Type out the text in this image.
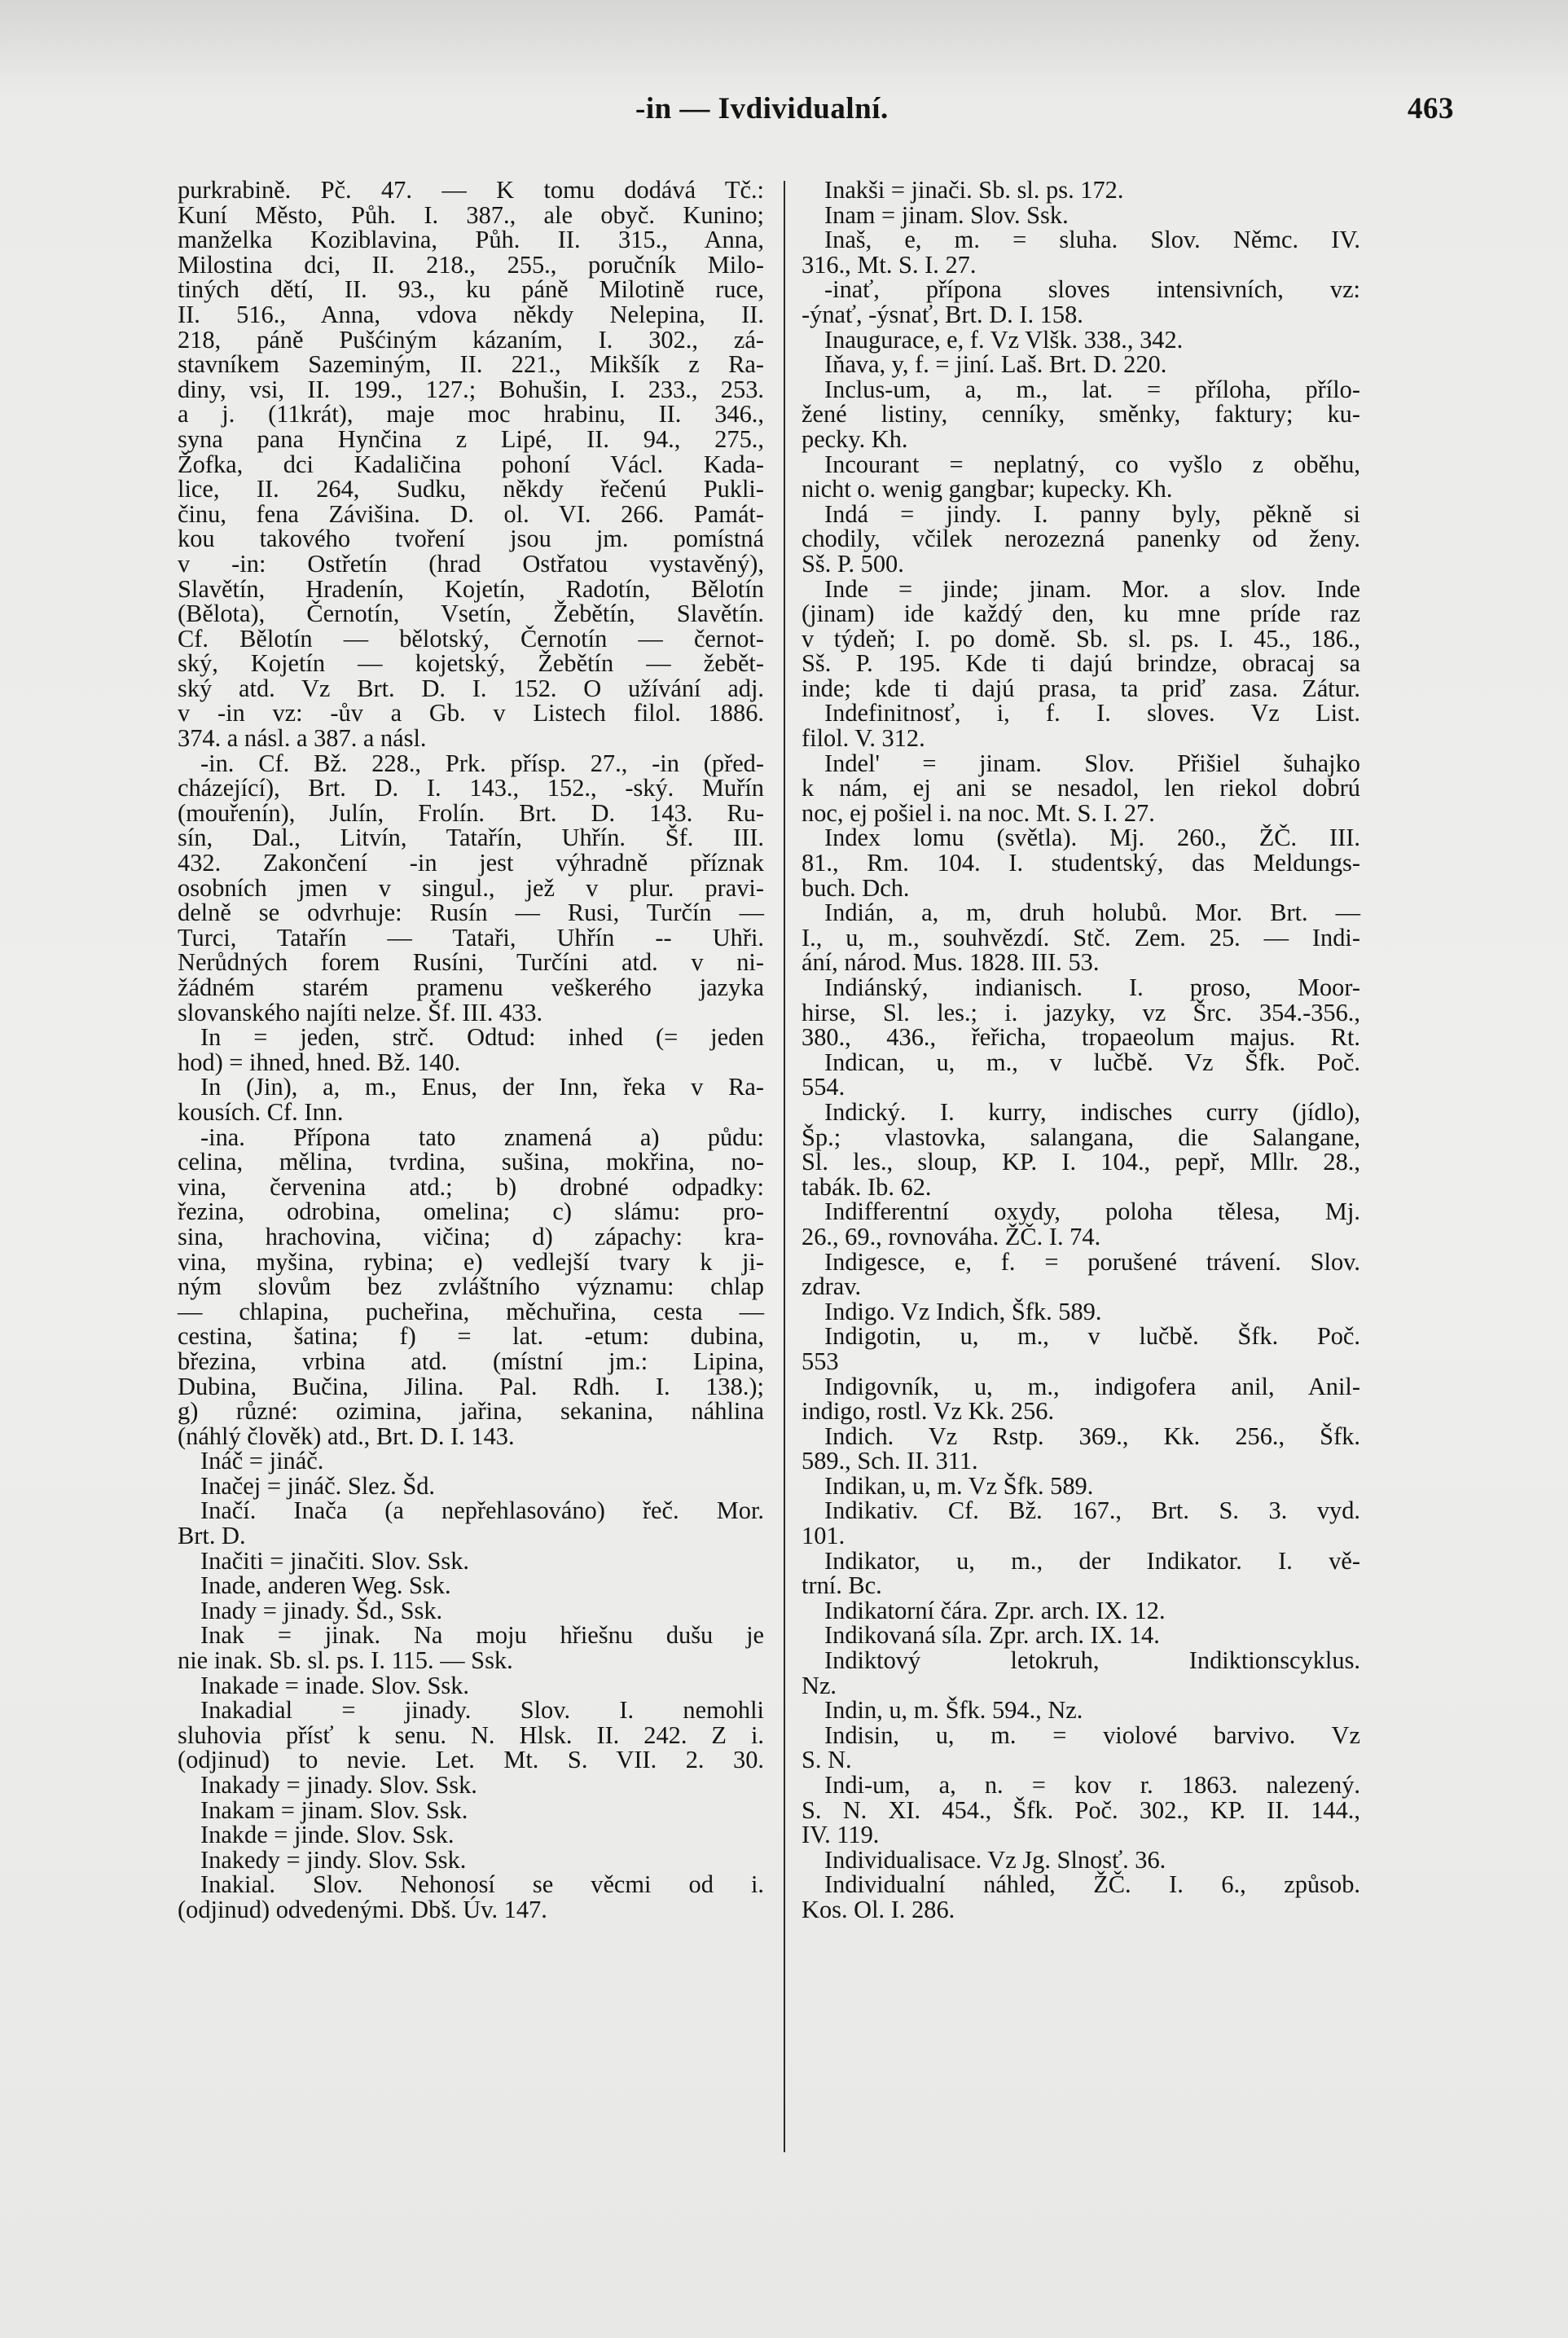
-in — Ivdividualní.	463
purkrabině. Pč. 47. — K tomu dodává Tč.:
Kuní Město, Půh. I. 387., ale obyč. Kunino;
manželka Koziblavina, Půh. II. 315., Anna,
Milostina dci, II. 218., 255., poručník Milo-
tiných dětí, II. 93., ku páně Milotině ruce,
II. 516., Anna, vdova někdy Nelepina, II.
218, páně Pušćiným kázaním, I. 302., zá-
stavníkem Sazeminým, II. 221., Mikšík z Ra-
diny, vsi, II. 199., 127.; Bohušin, I. 233., 253.
a j. (11krát), maje moc hrabinu, II. 346.,
syna pana Hynčina z Lipé, II. 94., 275.,
Žofka, dci Kadaličina pohoní Václ. Kada-
lice, II. 264, Sudku, někdy řečenú Pukli-
činu, fena Závišina. D. ol. VI. 266. Památ-
kou takového tvoření jsou jm. pomístná
v -in: Ostřetín (hrad Ostřatou vystavěný),
Slavětín, Hradenín, Kojetín, Radotín, Bělotín
(Bělota), Černotín, Vsetín, Žebětín, Slavětín.
Cf. Bělotín — bělotský, Černotín — černot-
ský, Kojetín — kojetský, Žebětín — žebět-
ský atd. Vz Brt. D. I. 152. O užívání adj.
v -in vz: -ův a Gb. v Listech filol. 1886.
374. a násl. a 387. a násl.
-in. Cf. Bž. 228., Prk. přísp. 27., -in (před-
cházející), Brt. D. I. 143., 152., -ský. Muřín
(mouřenín), Julín, Frolín. Brt. D. 143. Ru-
sín, Dal., Litvín, Tatařín, Uhřín. Šf. III.
432. Zakončení -in jest výhradně příznak
osobních jmen v singul., jež v plur. pravi-
delně se odvrhuje: Rusín — Rusi, Turčín —
Turci, Tatařín — Tataři, Uhřín -- Uhři.
Nerůdných forem Rusíni, Turčíni atd. v ni-
žádném starém pramenu veškerého jazyka
slovanského najíti nelze. Šf. III. 433.
In = jeden, strč. Odtud: inhed (= jeden
hod) = ihned, hned. Bž. 140.
In (Jin), a, m., Enus, der Inn, řeka v Ra-
kousích. Cf. Inn.
-ina. Přípona tato znamená a) půdu:
celina, mělina, tvrdina, sušina, mokřina, no-
vina, červenina atd.; b) drobné odpadky:
řezina, odrobina, omelina; c) slámu: pro-
sina, hrachovina, vičina; d) zápachy: kra-
vina, myšina, rybina; e) vedlejší tvary k ji-
ným slovům bez zvláštního významu: chlap
— chlapina, pucheřina, měchuřina, cesta —
cestina, šatina; f) = lat. -etum: dubina,
březina, vrbina atd. (místní jm.: Lipina,
Dubina, Bučina, Jilina. Pal. Rdh. I. 138.);
g) různé: ozimina, jařina, sekanina, náhlina
(náhlý člověk) atd., Brt. D. I. 143.
Ináč = jináč.
Inačej = jináč. Slez. Šd.
Inačí. Inača (a nepřehlasováno) řeč. Mor.
Brt. D.
Inačiti = jinačiti. Slov. Ssk.
Inade, anderen Weg. Ssk.
Inady = jinady. Šd., Ssk.
Inak = jinak. Na moju hřiešnu dušu je
nie inak. Sb. sl. ps. I. 115. — Ssk.
Inakade = inade. Slov. Ssk.
Inakadial = jinady. Slov. I. nemohli
sluhovia přísť k senu. N. Hlsk. II. 242. Z i.
(odjinud) to nevie. Let. Mt. S. VII. 2. 30.
Inakady = jinady. Slov. Ssk.
Inakam = jinam. Slov. Ssk.
Inakde = jinde. Slov. Ssk.
Inakedy = jindy. Slov. Ssk.
Inakial. Slov. Nehonosí se věcmi od i.
(odjinud) odvedenými. Dbš. Úv. 147.
Inakši = jinači. Sb. sl. ps. 172.
Inam = jinam. Slov. Ssk.
Inaš, e, m. = sluha. Slov. Němc. IV.
316., Mt. S. I. 27.
-inať, přípona sloves intensivních, vz:
-ýnať, -ýsnať, Brt. D. I. 158.
Inaugurace, e, f. Vz Vlšk. 338., 342.
Iňava, y, f. = jiní. Laš. Brt. D. 220.
Inclus-um, a, m., lat. = příloha, přílo-
žené listiny, cenníky, směnky, faktury; ku-
pecky. Kh.
Incourant = neplatný, co vyšlo z oběhu,
nicht o. wenig gangbar; kupecky. Kh.
Indá = jindy. I. panny byly, pěkně si
chodily, včilek nerozezná panenky od ženy.
Sš. P. 500.
Inde = jinde; jinam. Mor. a slov. Inde
(jinam) ide každý den, ku mne príde raz
v týdeň; I. po domě. Sb. sl. ps. I. 45., 186.,
Sš. P. 195. Kde ti dajú brindze, obracaj sa
inde; kde ti dajú prasa, ta priď zasa. Zátur.
Indefinitnosť, i, f. I. sloves. Vz List.
filol. V. 312.
Indel' = jinam. Slov. Přišiel šuhajko
k nám, ej ani se nesadol, len riekol dobrú
noc, ej pošiel i. na noc. Mt. S. I. 27.
Index lomu (světla). Mj. 260., ŽČ. III.
81., Rm. 104. I. studentský, das Meldungs-
buch. Dch.
Indián, a, m, druh holubů. Mor. Brt. —
I., u, m., souhvězdí. Stč. Zem. 25. — Indi-
ání, národ. Mus. 1828. III. 53.
Indiánský, indianisch. I. proso, Moor-
hirse, Sl. les.; i. jazyky, vz Šrc. 354.-356.,
380., 436., řeřicha, tropaeolum majus. Rt.
Indican, u, m., v lučbě. Vz Šfk. Poč.
554.
Indický. I. kurry, indisches curry (jídlo),
Šp.; vlastovka, salangana, die Salangane,
Sl. les., sloup, KP. I. 104., pepř, Mllr. 28.,
tabák. Ib. 62.
Indifferentní oxydy, poloha tělesa, Mj.
26., 69., rovnováha. ŽČ. I. 74.
Indigesce, e, f. = porušené trávení. Slov.
zdrav.
Indigo. Vz Indich, Šfk. 589.
Indigotin, u, m., v lučbě. Šfk. Poč.
553
Indigovník, u, m., indigofera anil, Anil-
indigo, rostl. Vz Kk. 256.
Indich. Vz Rstp. 369., Kk. 256., Šfk.
589., Sch. II. 311.
Indikan, u, m. Vz Šfk. 589.
Indikativ. Cf. Bž. 167., Brt. S. 3. vyd.
101.
Indikator, u, m., der Indikator. I. vě-
trní. Bc.
Indikatorní čára. Zpr. arch. IX. 12.
Indikovaná síla. Zpr. arch. IX. 14.
Indiktový letokruh, Indiktionscyklus.
Nz.
Indin, u, m. Šfk. 594., Nz.
Indisin, u, m. = violové barvivo. Vz
S. N.
Indi-um, a, n. = kov r. 1863. nalezený.
S. N. XI. 454., Šfk. Poč. 302., KP. II. 144.,
IV. 119.
Individualisace. Vz Jg. Slnosť. 36.
Individualní náhled, ŽČ. I. 6., způsob.
Kos. Ol. I. 286.
